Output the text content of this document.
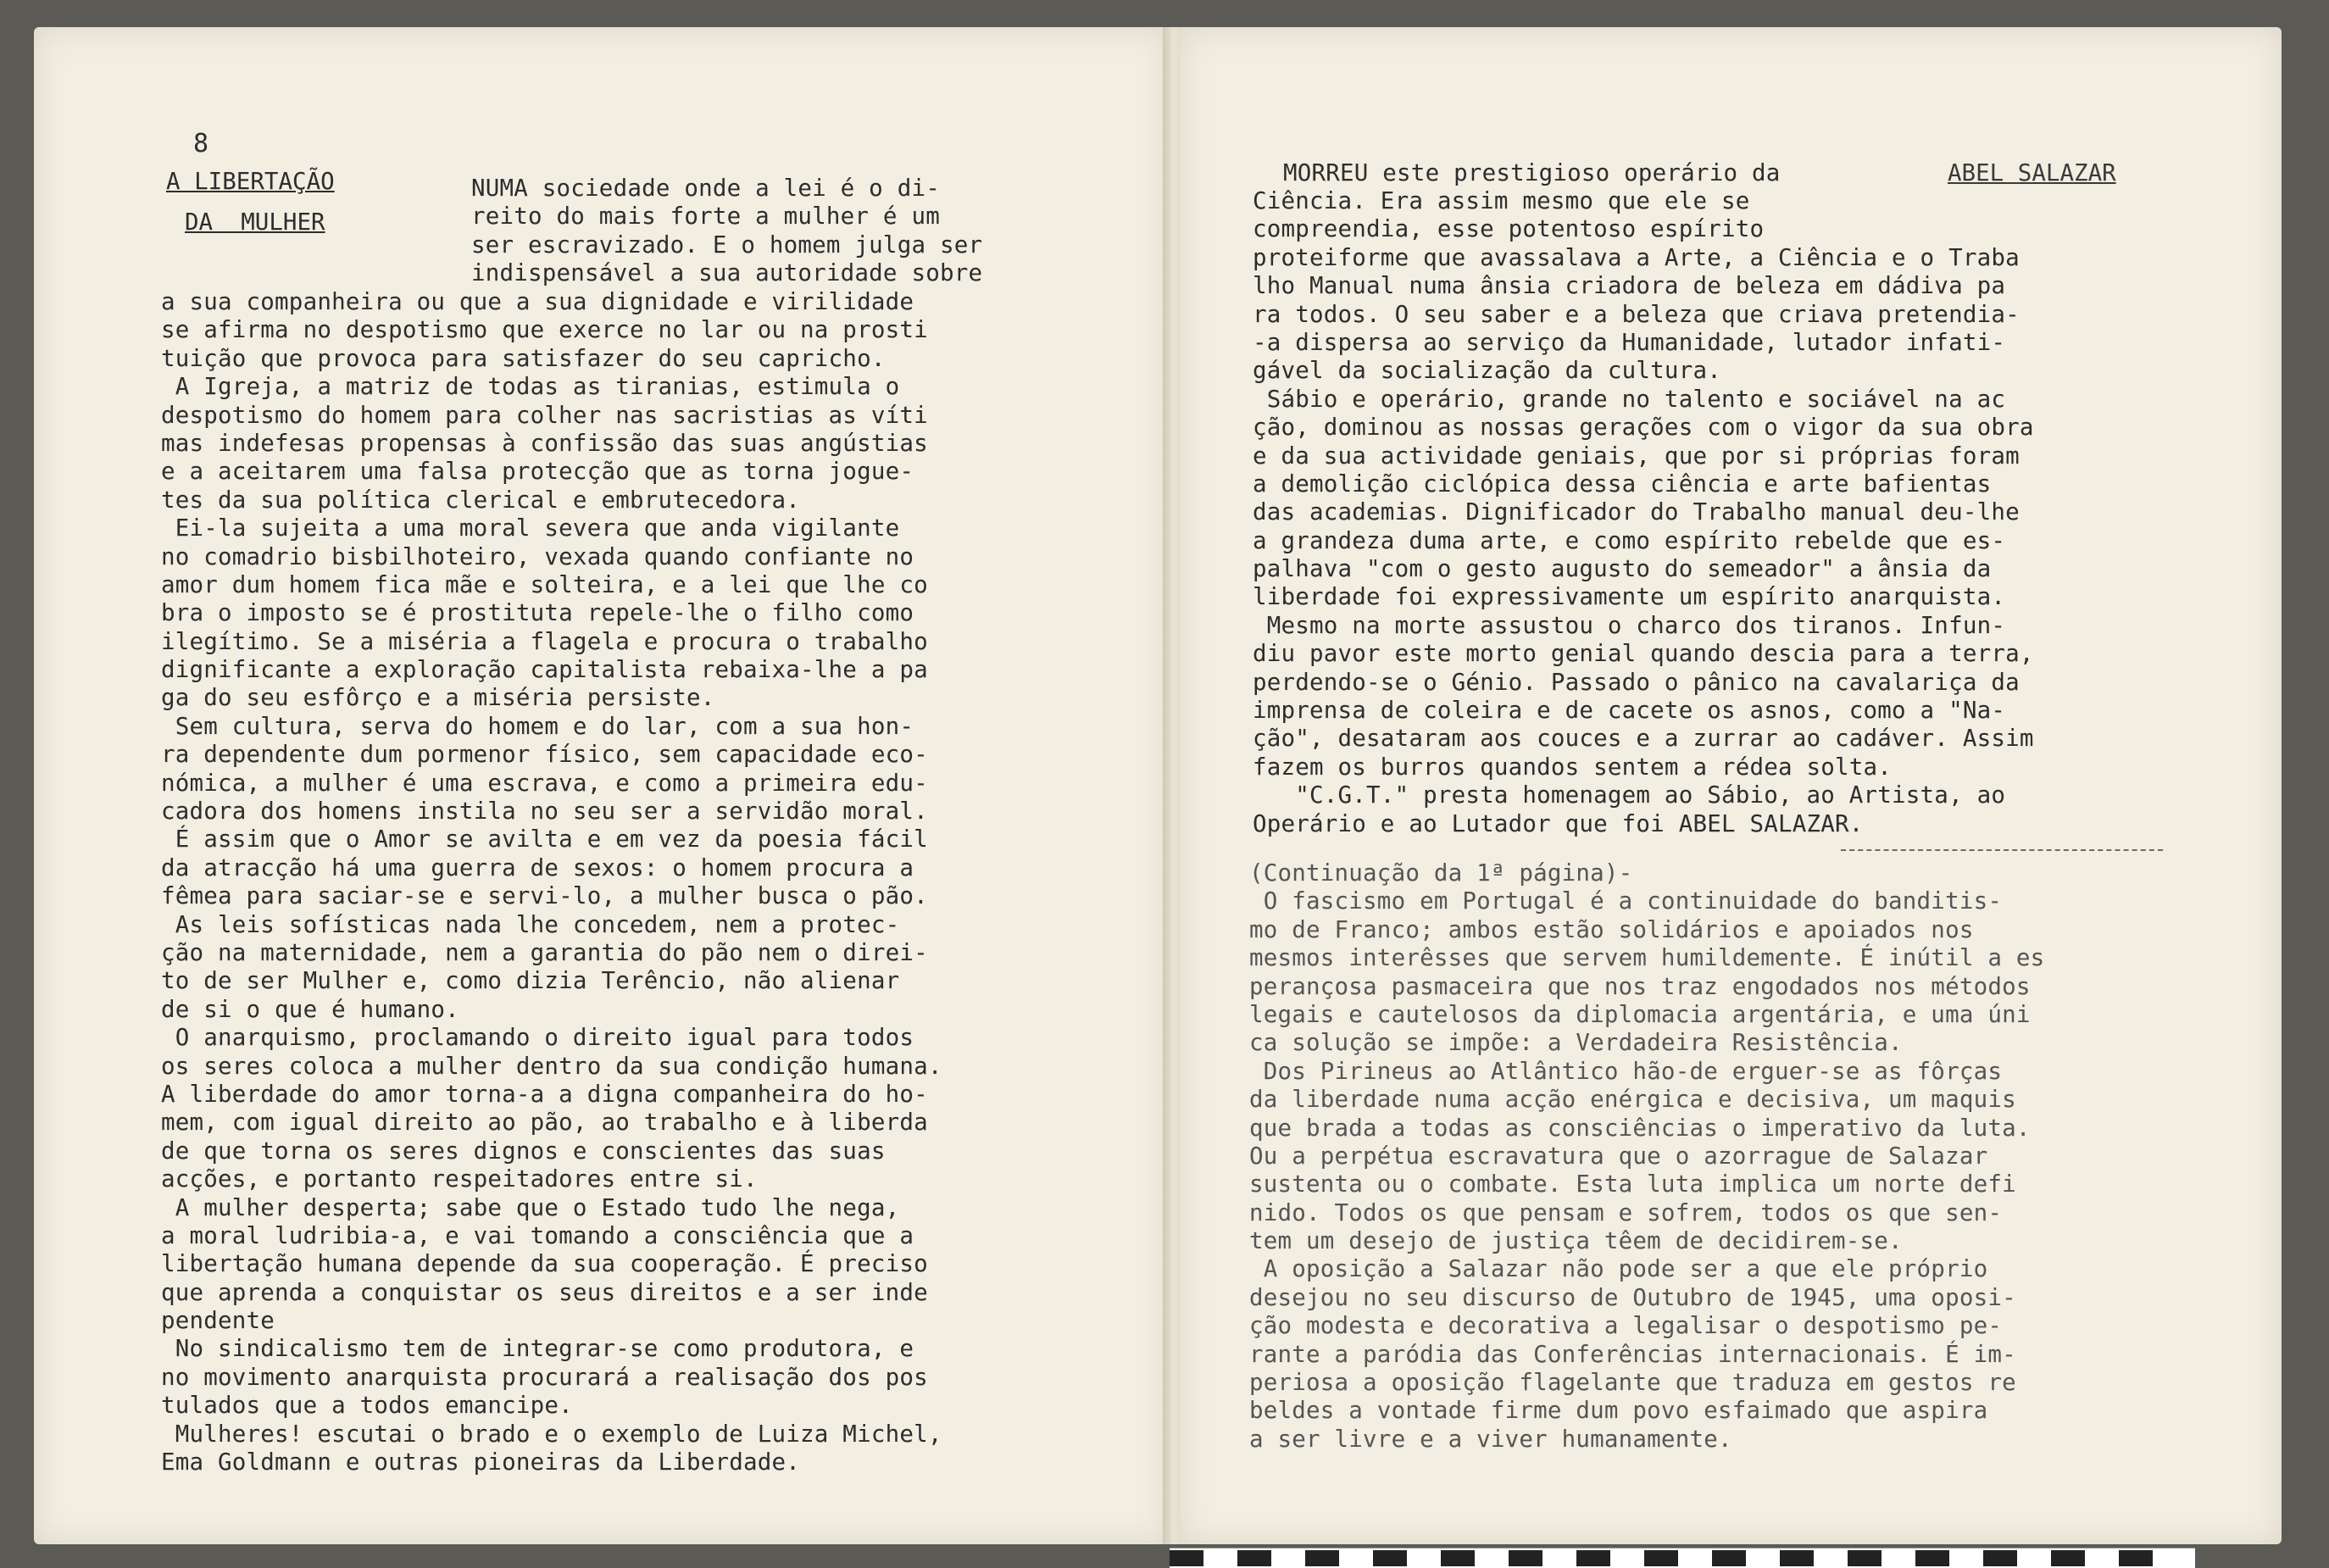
8
A LIBERTAÇÃO
DA  MULHER
NUMA sociedade onde a lei é o di-
reito do mais forte a mulher é um
ser escravizado. E o homem julga ser
indispensável a sua autoridade sobre
a sua companheira ou que a sua dignidade e virilidade
se afirma no despotismo que exerce no lar ou na prosti
tuição que provoca para satisfazer do seu capricho.
A Igreja, a matriz de todas as tiranias, estimula o
despotismo do homem para colher nas sacristias as víti
mas indefesas propensas à confissão das suas angústias
e a aceitarem uma falsa protecção que as torna jogue-
tes da sua política clerical e embrutecedora.
Ei-la sujeita a uma moral severa que anda vigilante
no comadrio bisbilhoteiro, vexada quando confiante no
amor dum homem fica mãe e solteira, e a lei que lhe co
bra o imposto se é prostituta repele-lhe o filho como
ilegítimo. Se a miséria a flagela e procura o trabalho
dignificante a exploração capitalista rebaixa-lhe a pa
ga do seu esfôrço e a miséria persiste.
Sem cultura, serva do homem e do lar, com a sua hon-
ra dependente dum pormenor físico, sem capacidade eco-
nómica, a mulher é uma escrava, e como a primeira edu-
cadora dos homens instila no seu ser a servidão moral.
É assim que o Amor se avilta e em vez da poesia fácil
da atracção há uma guerra de sexos: o homem procura a
fêmea para saciar-se e servi-lo, a mulher busca o pão.
As leis sofísticas nada lhe concedem, nem a protec-
ção na maternidade, nem a garantia do pão nem o direi-
to de ser Mulher e, como dizia Terêncio, não alienar
de si o que é humano.
O anarquismo, proclamando o direito igual para todos
os seres coloca a mulher dentro da sua condição humana.
A liberdade do amor torna-a a digna companheira do ho-
mem, com igual direito ao pão, ao trabalho e à liberda
de que torna os seres dignos e conscientes das suas
acções, e portanto respeitadores entre si.
A mulher desperta; sabe que o Estado tudo lhe nega,
a moral ludribia-a, e vai tomando a consciência que a
libertação humana depende da sua cooperação. É preciso
que aprenda a conquistar os seus direitos e a ser inde
pendente
No sindicalismo tem de integrar-se como produtora, e
no movimento anarquista procurará a realisação dos pos
tulados que a todos emancipe.
Mulheres! escutai o brado e o exemplo de Luiza Michel,
Ema Goldmann e outras pioneiras da Liberdade.
MORREU este prestigioso operário da	ABEL SALAZAR
Ciência. Era assim mesmo que ele se
compreendia, esse potentoso espírito
proteiforme que avassalava a Arte, a Ciência e o Traba
lho Manual numa ânsia criadora de beleza em dádiva pa
ra todos. O seu saber e a beleza que criava pretendia-
-a dispersa ao serviço da Humanidade, lutador infati-
gável da socialização da cultura.
Sábio e operário, grande no talento e sociável na ac
ção, dominou as nossas gerações com o vigor da sua obra
e da sua actividade geniais, que por si próprias foram
a demolição ciclópica dessa ciência e arte bafientas
das academias. Dignificador do Trabalho manual deu-lhe
a grandeza duma arte, e como espírito rebelde que es-
palhava "com o gesto augusto do semeador" a ânsia da
liberdade foi expressivamente um espírito anarquista.
Mesmo na morte assustou o charco dos tiranos. Infun-
diu pavor este morto genial quando descia para a terra,
perdendo-se o Génio. Passado o pânico na cavalariça da
imprensa de coleira e de cacete os asnos, como a "Na-
ção", desataram aos couces e a zurrar ao cadáver. Assim
fazem os burros quandos sentem a rédea solta.
"C.G.T." presta homenagem ao Sábio, ao Artista, ao
Operário e ao Lutador que foi ABEL SALAZAR.
(Continuação da 1ª página)-
O fascismo em Portugal é a continuidade do banditis-
mo de Franco; ambos estão solidários e apoiados nos
mesmos interêsses que servem humildemente. É inútil a es
perançosa pasmaceira que nos traz engodados nos métodos
legais e cautelosos da diplomacia argentária, e uma úni
ca solução se impõe: a Verdadeira Resistência.
Dos Pirineus ao Atlântico hão-de erguer-se as fôrças
da liberdade numa acção enérgica e decisiva, um maquis
que brada a todas as consciências o imperativo da luta.
Ou a perpétua escravatura que o azorrague de Salazar
sustenta ou o combate. Esta luta implica um norte defi
nido. Todos os que pensam e sofrem, todos os que sen-
tem um desejo de justiça têem de decidirem-se.
A oposição a Salazar não pode ser a que ele próprio
desejou no seu discurso de Outubro de 1945, uma oposi-
ção modesta e decorativa a legalisar o despotismo pe-
rante a paródia das Conferências internacionais. É im-
periosa a oposição flagelante que traduza em gestos re
beldes a vontade firme dum povo esfaimado que aspira
a ser livre e a viver humanamente.
